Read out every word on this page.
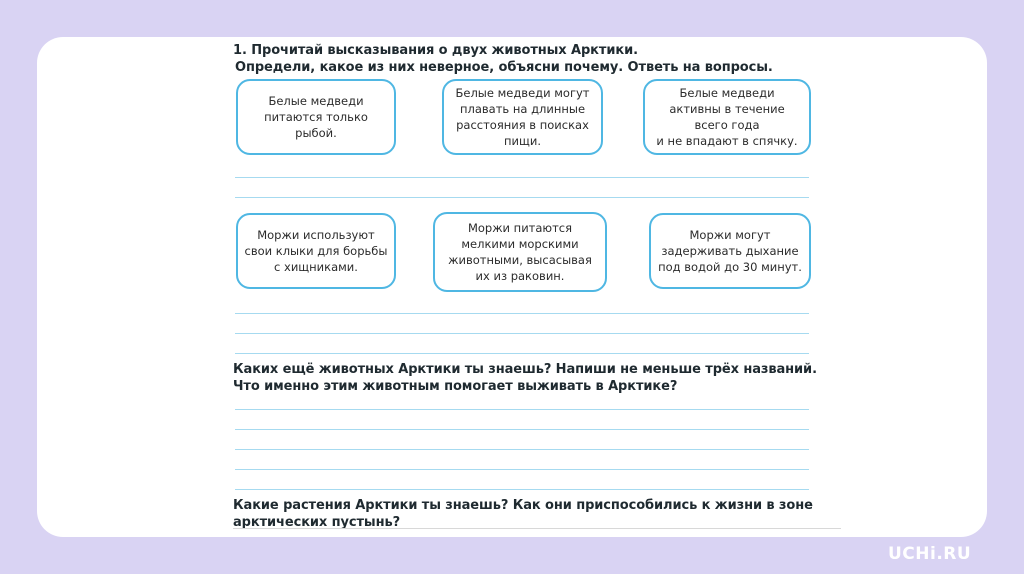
1. Прочитай высказывания о двух животных Арктики.
Определи, какое из них неверное, объясни почему. Ответь на вопросы.
Белые медведи
питаются только
рыбой.
Белые медведи могут
плавать на длинные
расстояния в поисках
пищи.
Белые медведи
активны в течение
всего года
и не впадают в спячку.
Моржи используют
свои клыки для борьбы
с хищниками.
Моржи питаются
мелкими морскими
животными, высасывая
их из раковин.
Моржи могут
задерживать дыхание
под водой до 30 минут.
Каких ещё животных Арктики ты знаешь? Напиши не меньше трёх названий.
Что именно этим животным помогает выживать в Арктике?
Какие растения Арктики ты знаешь? Как они приспособились к жизни в зоне
арктических пустынь?
UCHi.RU
